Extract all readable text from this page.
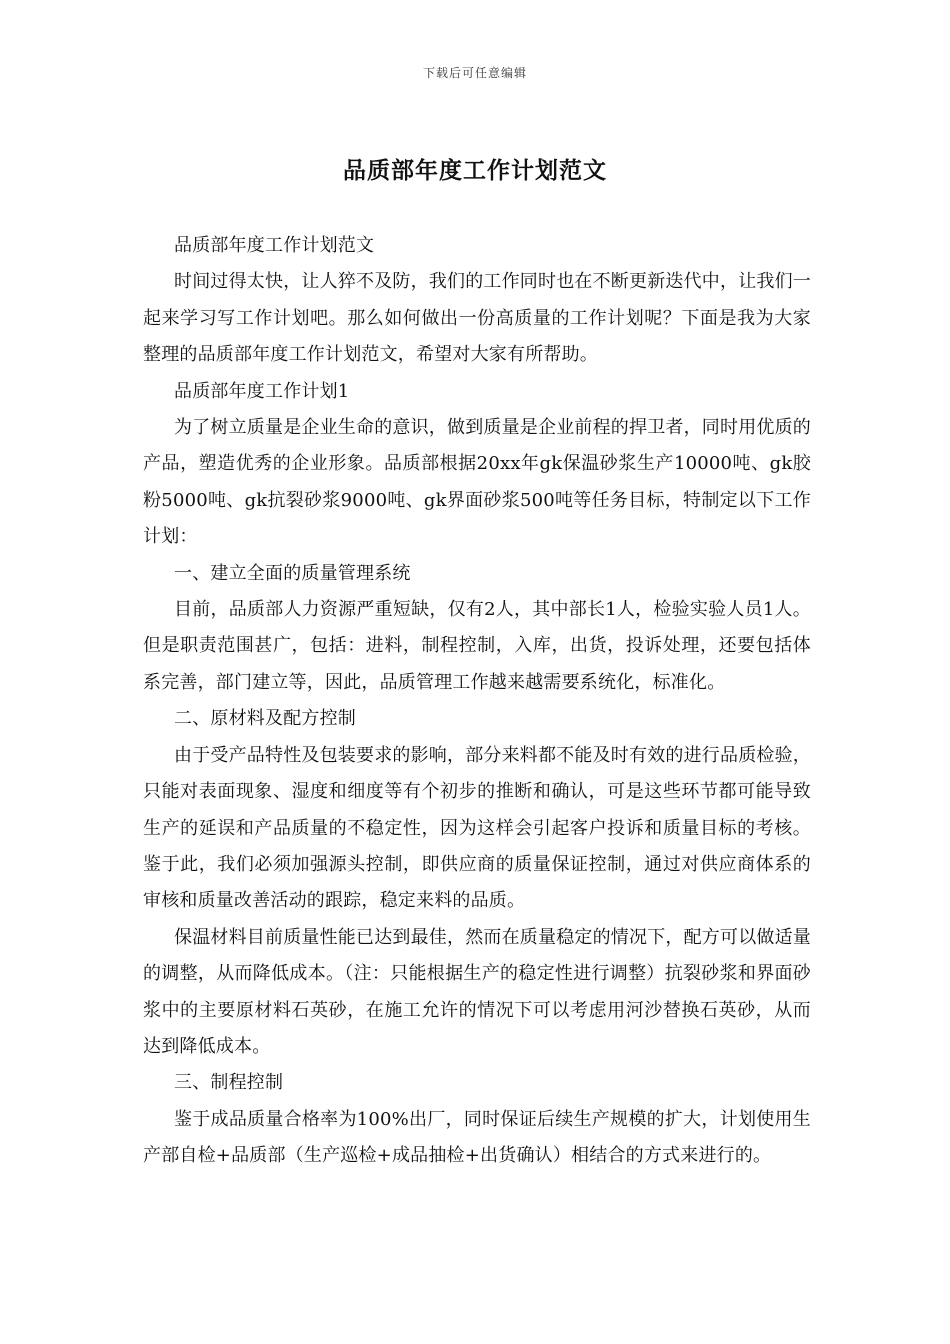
下载后可任意编辑
品质部年度工作计划范文

品质部年度工作计划范文

时间过得太快，让人猝不及防，我们的工作同时也在不断更新迭代中，让我们一起来学习写工作计划吧。那么如何做出一份高质量的工作计划呢？下面是我为大家整理的品质部年度工作计划范文，希望对大家有所帮助。

品质部年度工作计划1

为了树立质量是企业生命的意识，做到质量是企业前程的捍卫者，同时用优质的产品，塑造优秀的企业形象。品质部根据20xx年gk保温砂浆生产10000吨、gk胶粉5000吨、gk抗裂砂浆9000吨、gk界面砂浆500吨等任务目标，特制定以下工作计划：

一、建立全面的质量管理系统

目前，品质部人力资源严重短缺，仅有2人，其中部长1人，检验实验人员1人。但是职责范围甚广，包括：进料，制程控制，入库，出货，投诉处理，还要包括体系完善，部门建立等，因此，品质管理工作越来越需要系统化，标准化。

二、原材料及配方控制

由于受产品特性及包装要求的影响，部分来料都不能及时有效的进行品质检验，只能对表面现象、湿度和细度等有个初步的推断和确认，可是这些环节都可能导致生产的延误和产品质量的不稳定性，因为这样会引起客户投诉和质量目标的考核。鉴于此，我们必须加强源头控制，即供应商的质量保证控制，通过对供应商体系的审核和质量改善活动的跟踪，稳定来料的品质。

保温材料目前质量性能已达到最佳，然而在质量稳定的情况下，配方可以做适量的调整，从而降低成本。（注：只能根据生产的稳定性进行调整）抗裂砂浆和界面砂浆中的主要原材料石英砂，在施工允许的情况下可以考虑用河沙替换石英砂，从而达到降低成本。

三、制程控制

鉴于成品质量合格率为100%出厂，同时保证后续生产规模的扩大，计划使用生产部自检+品质部（生产巡检+成品抽检+出货确认）相结合的方式来进行的。
